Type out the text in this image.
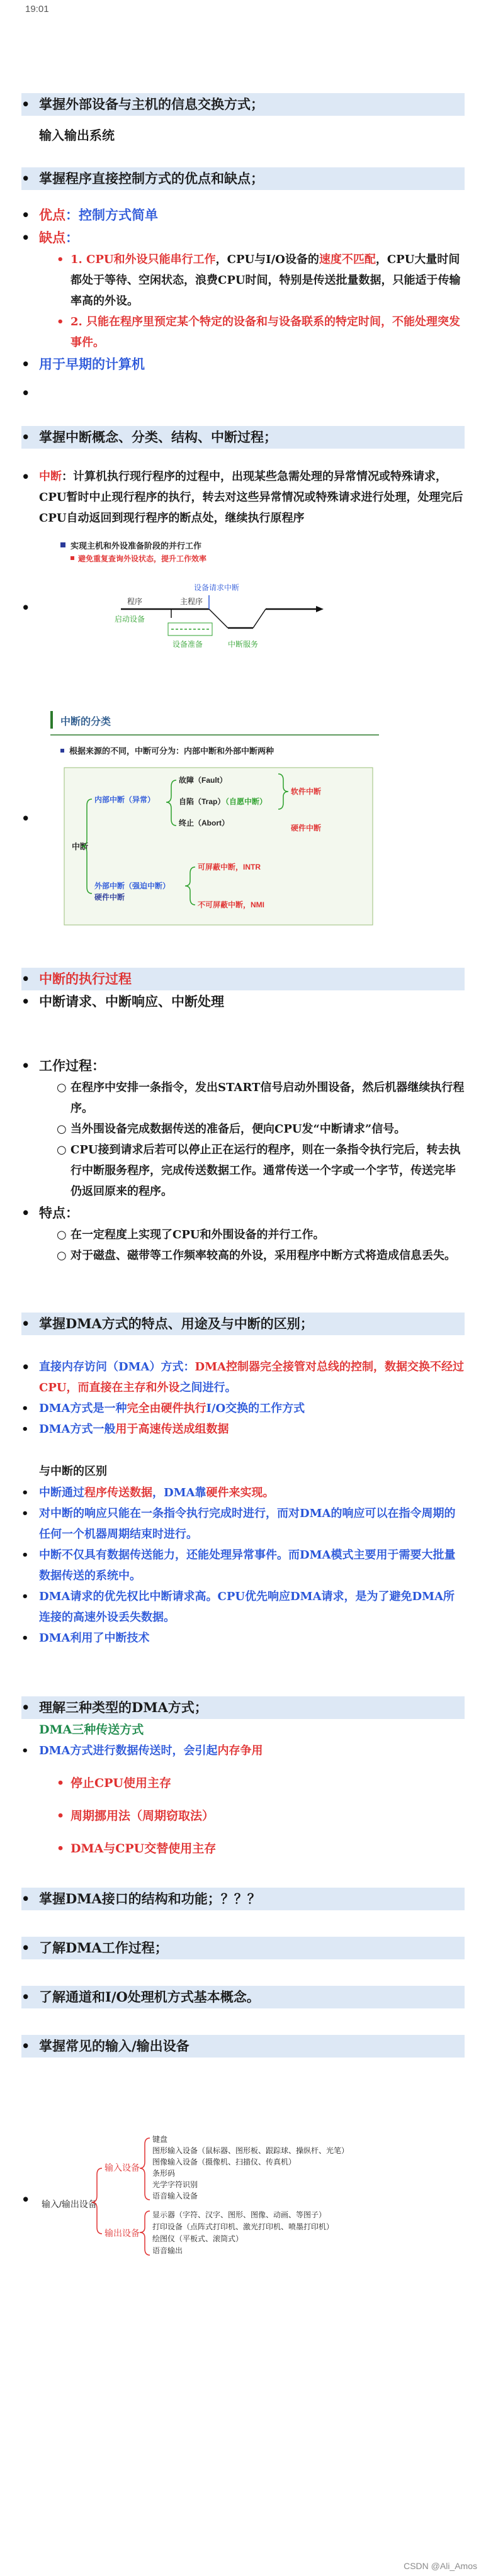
19:01
• 掌握外部设备与主机的信息交换方式；
输入输出系统
• 掌握程序直接控制方式的优点和缺点；
• 优点：控制方式简单
• 缺点：
• 1. CPU和外设只能串行工作，CPU与I/O设备的速度不匹配，CPU大量时间都处于等待、空闲状态，浪费CPU时间，特别是传送批量数据，只能适于传输率高的外设。
• 2. 只能在程序里预定某个特定的设备和与设备联系的特定时间，不能处理突发事件。
• 用于早期的计算机
•
• 掌握中断概念、分类、结构、中断过程；
• 中断：计算机执行现行程序的过程中，出现某些急需处理的异常情况或特殊请求，CPU暂时中止现行程序的执行，转去对这些异常情况或特殊请求进行处理，处理完后CPU自动返回到现行程序的断点处，继续执行原程序
•
实现主机和外设准备阶段的并行工作
避免重复查询外设状态，提升工作效率
设备请求中断
程序	主程序
启动设备
设备准备	中断服务
•
中断的分类
根据来源的不同，中断可分为：内部中断和外部中断两种
中断
内部中断（异常）
外部中断（强迫中断）
硬件中断
故障（Fault）
自陷（Trap）
（自愿中断）
终止（Abort）
软件中断
硬件中断
可屏蔽中断，INTR
不可屏蔽中断，NMI
• 中断的执行过程
• 中断请求、中断响应、中断处理
• 工作过程：
○ 在程序中安排一条指令，发出START信号启动外围设备，然后机器继续执行程序。
○ 当外围设备完成数据传送的准备后，便向CPU发“中断请求”信号。
○ CPU接到请求后若可以停止正在运行的程序，则在一条指令执行完后，转去执行中断服务程序，完成传送数据工作。通常传送一个字或一个字节，传送完毕仍返回原来的程序。
• 特点：
○ 在一定程度上实现了CPU和外围设备的并行工作。
○ 对于磁盘、磁带等工作频率较高的外设，采用程序中断方式将造成信息丢失。
• 掌握DMA方式的特点、用途及与中断的区别；
• 直接内存访问（DMA）方式：DMA控制器完全接管对总线的控制，数据交换不经过CPU，而直接在主存和外设之间进行。
• DMA方式是一种完全由硬件执行I/O交换的工作方式
• DMA方式一般用于高速传送成组数据
与中断的区别
• 中断通过程序传送数据，DMA靠硬件来实现。
• 对中断的响应只能在一条指令执行完成时进行，而对DMA的响应可以在指令周期的任何一个机器周期结束时进行。
• 中断不仅具有数据传送能力，还能处理异常事件。而DMA模式主要用于需要大批量数据传送的系统中。
• DMA请求的优先权比中断请求高。CPU优先响应DMA请求，是为了避免DMA所连接的高速外设丢失数据。
• DMA利用了中断技术
• 理解三种类型的DMA方式；
DMA三种传送方式
• DMA方式进行数据传送时，会引起内存争用
• 停止CPU使用主存
• 周期挪用法（周期窃取法）
• DMA与CPU交替使用主存
• 掌握DMA接口的结构和功能；？？？
• 了解DMA工作过程；
• 了解通道和I/O处理机方式基本概念。
• 掌握常见的输入/输出设备
•	输入/输出设备
输入设备
输出设备
键盘
图形输入设备（鼠标器、图形板、跟踪球、操纵杆、光笔）
图像输入设备（摄像机、扫描仪、传真机）
条形码
光学字符识别
语音输入设备
显示器（字符、汉字、图形、图像、动画、等图子）
打印设备（点阵式打印机、激光打印机、喷墨打印机）
绘图仪（平板式、滚筒式）
语音输出
CSDN @Ali_Amos
